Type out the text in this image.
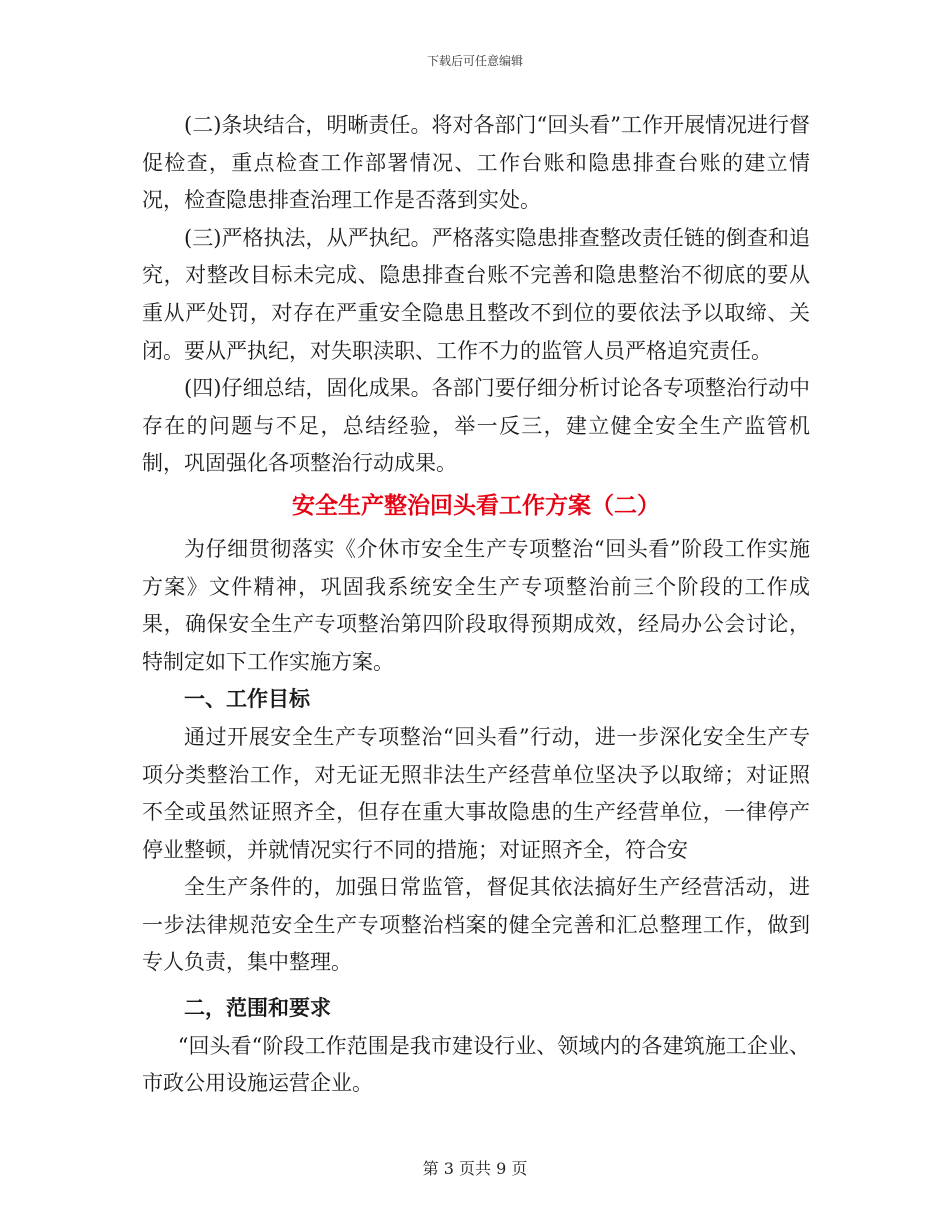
下载后可任意编辑

(二)条块结合，明晰责任。将对各部门“回头看”工作开展情况进行督促检查，重点检查工作部署情况、工作台账和隐患排查台账的建立情况，检查隐患排查治理工作是否落到实处。

(三)严格执法，从严执纪。严格落实隐患排查整改责任链的倒查和追究，对整改目标未完成、隐患排查台账不完善和隐患整治不彻底的要从重从严处罚，对存在严重安全隐患且整改不到位的要依法予以取缔、关闭。要从严执纪，对失职渎职、工作不力的监管人员严格追究责任。

(四)仔细总结，固化成果。各部门要仔细分析讨论各专项整治行动中存在的问题与不足，总结经验，举一反三，建立健全安全生产监管机制，巩固强化各项整治行动成果。

安全生产整治回头看工作方案（二）

为仔细贯彻落实《介休市安全生产专项整治“回头看”阶段工作实施方案》文件精神，巩固我系统安全生产专项整治前三个阶段的工作成果，确保安全生产专项整治第四阶段取得预期成效，经局办公会讨论，特制定如下工作实施方案。

一、工作目标

通过开展安全生产专项整治“回头看”行动，进一步深化安全生产专项分类整治工作，对无证无照非法生产经营单位坚决予以取缔；对证照不全或虽然证照齐全，但存在重大事故隐患的生产经营单位，一律停产停业整顿，并就情况实行不同的措施；对证照齐全，符合安

全生产条件的，加强日常监管，督促其依法搞好生产经营活动，进一步法律规范安全生产专项整治档案的健全完善和汇总整理工作，做到专人负责，集中整理。

二，范围和要求

“回头看“阶段工作范围是我市建设行业、领域内的各建筑施工企业、市政公用设施运营企业。

第 3 页共 9 页
